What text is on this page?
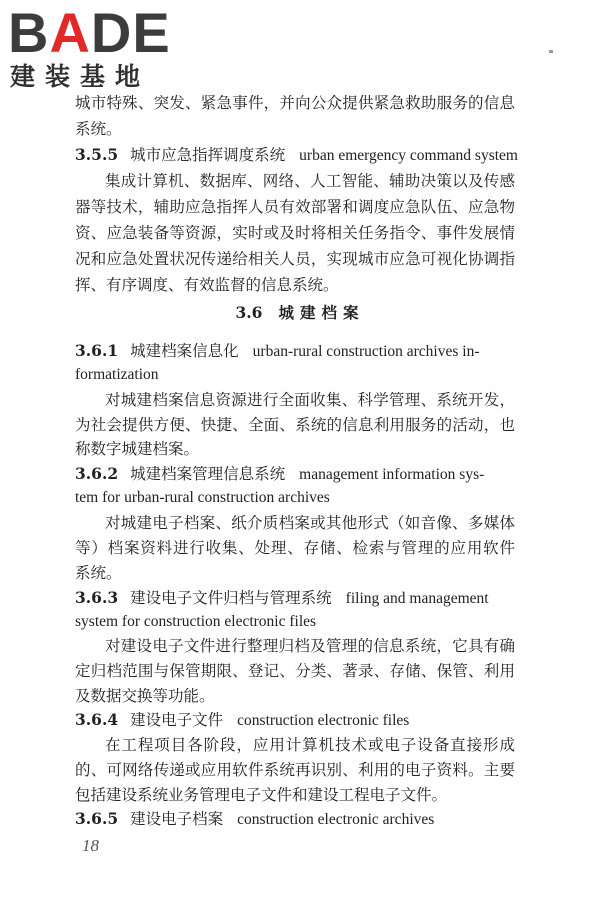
BADE
建装基地
城市特殊、突发、紧急事件，并向公众提供紧急救助服务的信息
系统。
3.5.5 城市应急指挥调度系统 urban emergency command system
集成计算机、数据库、网络、人工智能、辅助决策以及传感
器等技术，辅助应急指挥人员有效部署和调度应急队伍、应急物
资、应急装备等资源，实时或及时将相关任务指令、事件发展情
况和应急处置状况传递给相关人员，实现城市应急可视化协调指
挥、有序调度、有效监督的信息系统。
3.6 城建档案
3.6.1 城建档案信息化 urban-rural construction archives in-
formatization
对城建档案信息资源进行全面收集、科学管理、系统开发，
为社会提供方便、快捷、全面、系统的信息利用服务的活动，也
称数字城建档案。
3.6.2 城建档案管理信息系统 management information sys-
tem for urban-rural construction archives
对城建电子档案、纸介质档案或其他形式（如音像、多媒体
等）档案资料进行收集、处理、存储、检索与管理的应用软件
系统。
3.6.3 建设电子文件归档与管理系统 filing and management
system for construction electronic files
对建设电子文件进行整理归档及管理的信息系统，它具有确
定归档范围与保管期限、登记、分类、著录、存储、保管、利用
及数据交换等功能。
3.6.4 建设电子文件 construction electronic files
在工程项目各阶段，应用计算机技术或电子设备直接形成
的、可网络传递或应用软件系统再识别、利用的电子资料。主要
包括建设系统业务管理电子文件和建设工程电子文件。
3.6.5 建设电子档案 construction electronic archives
18
